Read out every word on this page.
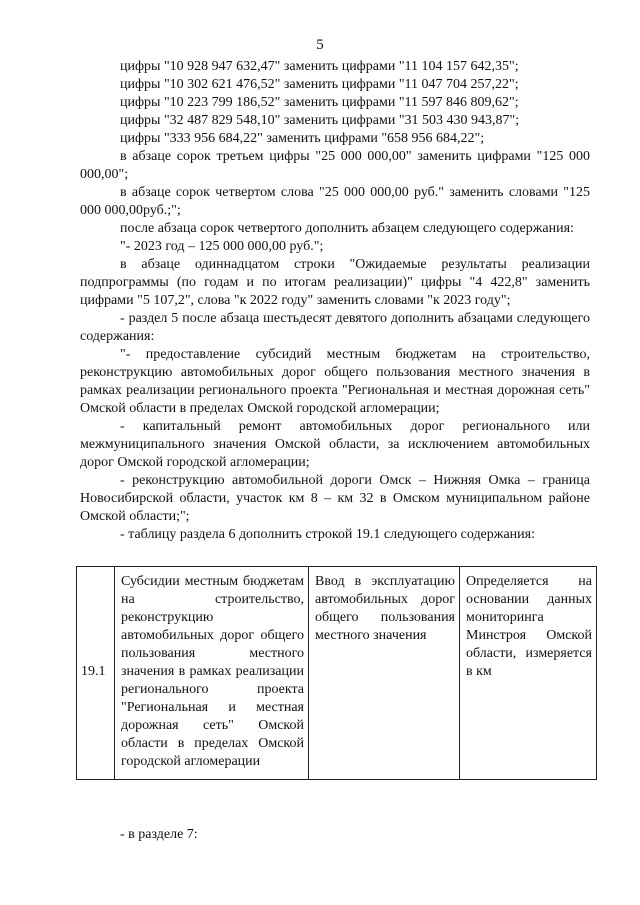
5

цифры "10 928 947 632,47" заменить цифрами "11 104 157 642,35";

цифры "10 302 621 476,52" заменить цифрами "11 047 704 257,22";

цифры "10 223 799 186,52" заменить цифрами "11 597 846 809,62";

цифры "32 487 829 548,10" заменить цифрами "31 503 430 943,87";

цифры "333 956 684,22" заменить цифрами "658 956 684,22";

в абзаце сорок третьем цифры "25 000 000,00" заменить цифрами "125 000 000,00";

в абзаце сорок четвертом слова "25 000 000,00 руб." заменить словами "125 000 000,00руб.;";

после абзаца сорок четвертого дополнить абзацем следующего содержания:

"- 2023 год – 125 000 000,00 руб.";

в абзаце одиннадцатом строки "Ожидаемые результаты реализации подпрограммы (по годам и по итогам реализации)" цифры "4 422,8" заменить цифрами "5 107,2", слова "к 2022 году" заменить словами "к 2023 году";

- раздел 5 после абзаца шестьдесят девятого дополнить абзацами следующего содержания:

"- предоставление субсидий местным бюджетам на строительство, реконструкцию автомобильных дорог общего пользования местного значения в рамках реализации регионального проекта "Региональная и местная дорожная сеть" Омской области в пределах Омской городской агломерации;

- капитальный ремонт автомобильных дорог регионального или межмуниципального значения Омской области, за исключением автомобильных дорог Омской городской агломерации;

- реконструкцию автомобильной дороги Омск – Нижняя Омка – граница Новосибирской области, участок км 8 – км 32 в Омском муниципальном районе Омской области;";

- таблицу раздела 6 дополнить строкой 19.1 следующего содержания:

19.1	Субсидии местным бюджетам на строительство, реконструкцию автомобильных дорог общего пользования местного значения в рамках реализации регионального проекта "Региональная и местная дорожная сеть" Омской области в пределах Омской городской агломерации	Ввод в эксплуатацию автомобильных дорог общего пользования местного значения	Определяется на основании данных мониторинга Минстроя Омской области, измеряется в км

- в разделе 7:
